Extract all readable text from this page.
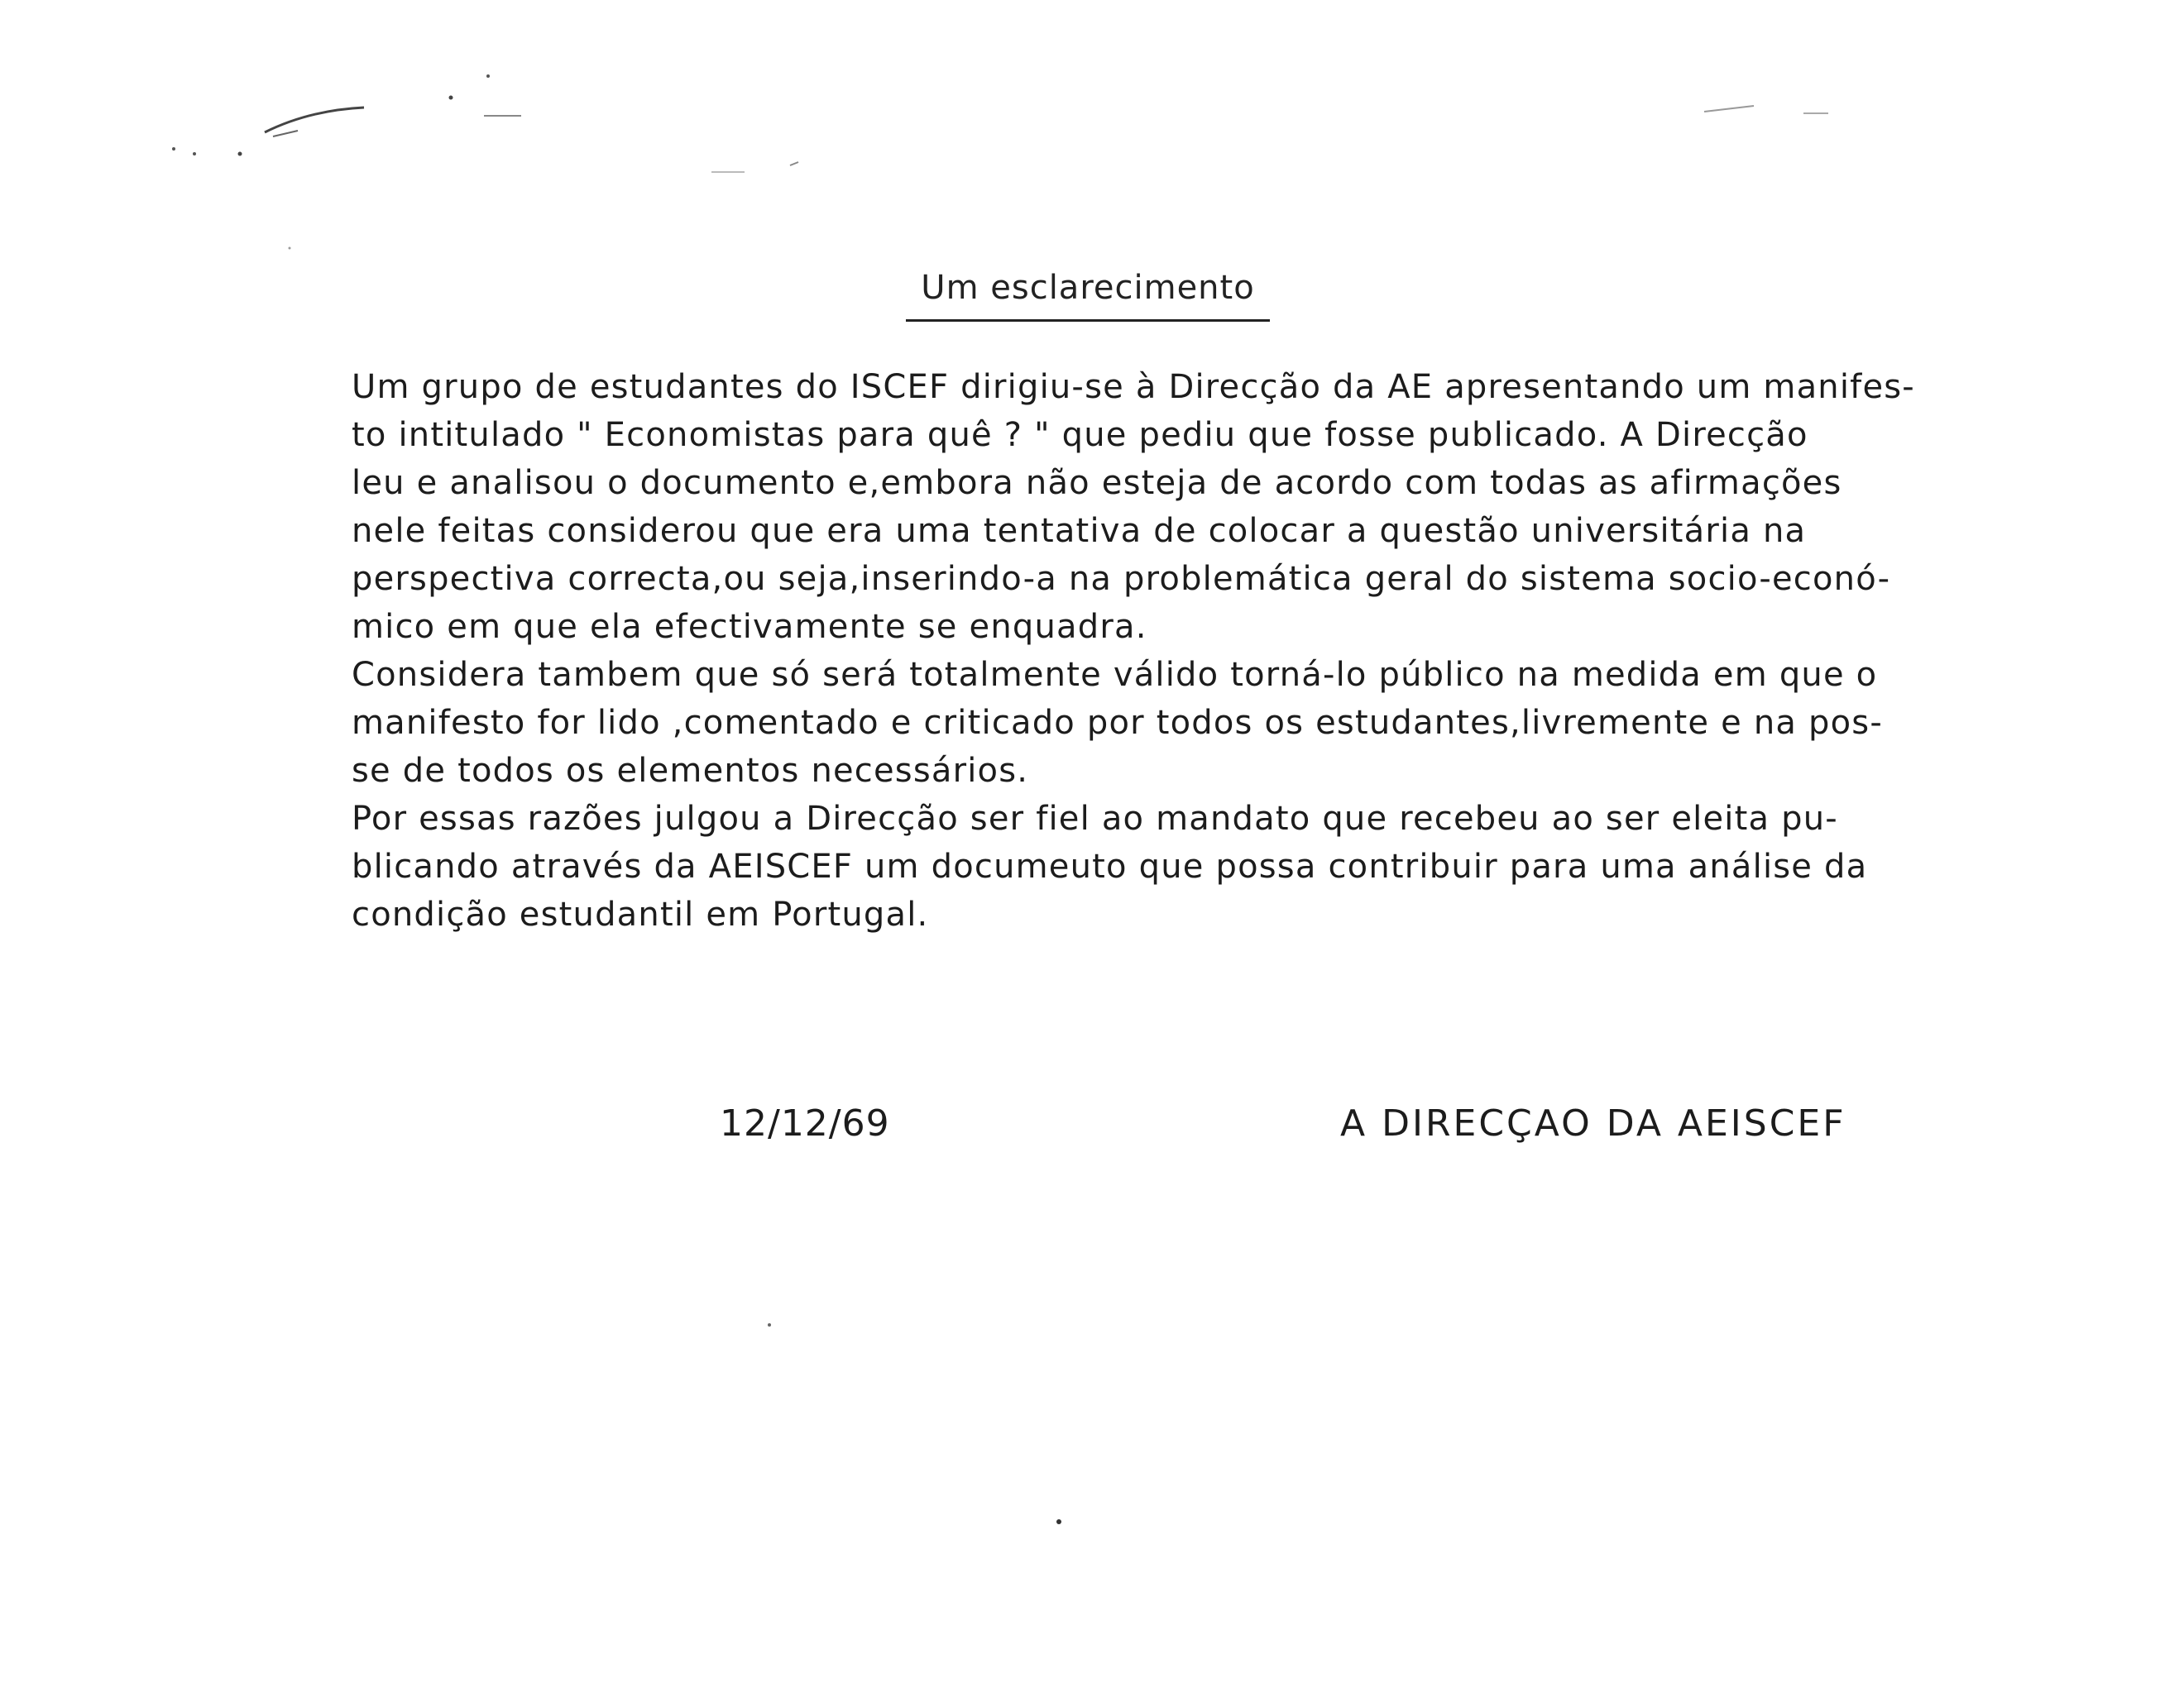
Um esclarecimento
Um grupo de estudantes do ISCEF dirigiu-se à Direcção da AE apresentando um manifes-
to intitulado " Economistas para quê ? " que pediu que fosse publicado. A Direcção
leu e analisou o documento e,embora não esteja de acordo com todas as afirmações
nele feitas considerou que era uma tentativa de colocar a questão universitária na
perspectiva correcta,ou seja,inserindo-a na problemática geral do sistema socio-econó-
mico em que ela efectivamente se enquadra.
Considera tambem que só será totalmente válido torná-lo público na medida em que o
manifesto for lido ,comentado e criticado por todos os estudantes,livremente e na pos-
se de todos os elementos necessários.
Por essas razões julgou a Direcção ser fiel ao mandato que recebeu ao ser eleita pu-
blicando através da AEISCEF um documeuto que possa contribuir para uma análise da
condição estudantil em Portugal.
12/12/69	A DIRECÇAO DA AEISCEF
